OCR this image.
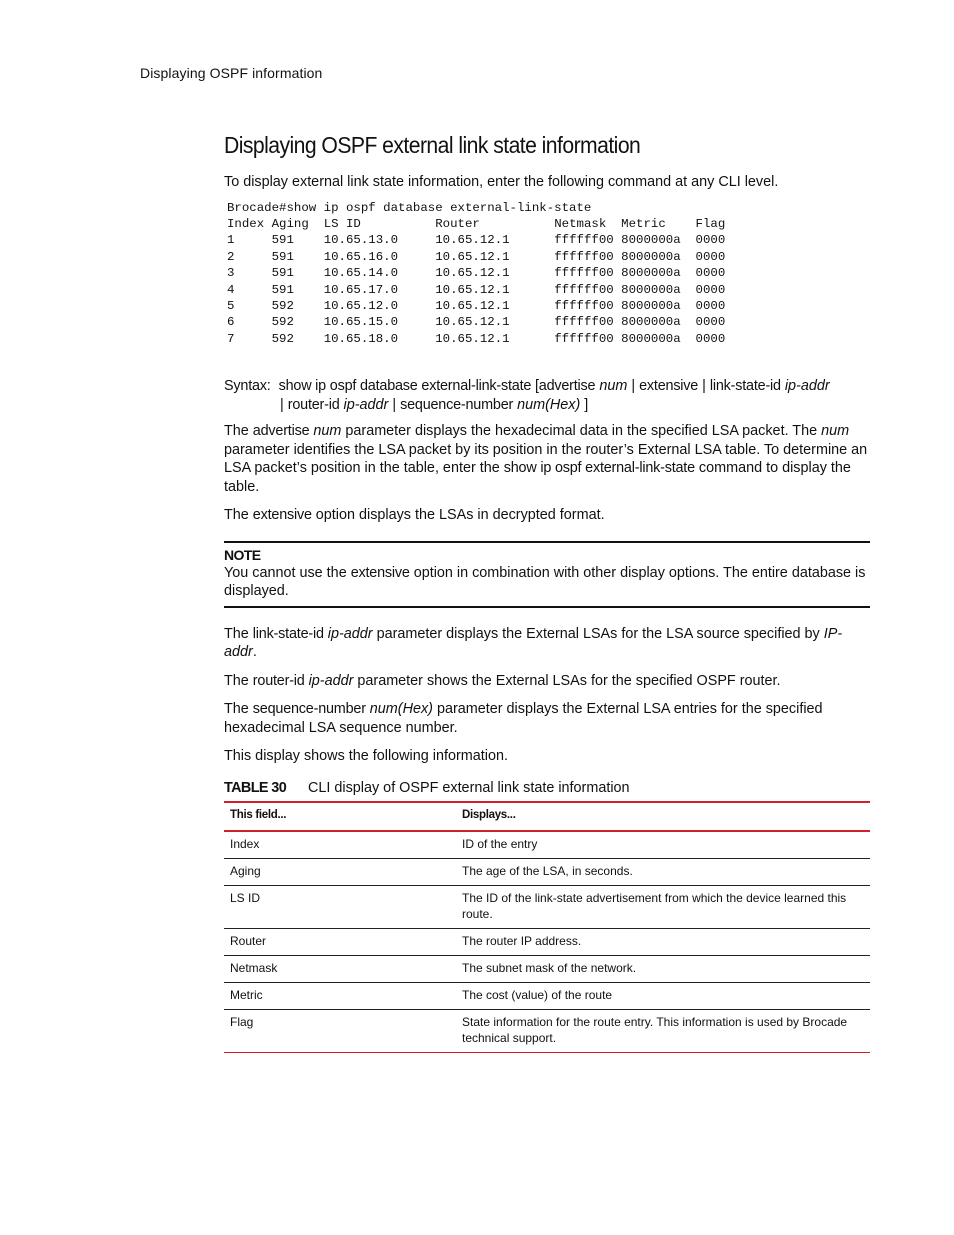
Displaying OSPF information
Displaying OSPF external link state information

To display external link state information, enter the following command at any CLI level.

Brocade#show ip ospf database external-link-state
Index Aging LS ID	Router	Netmask Metric Flag
1	591 10.65.13.0	10.65.12.1	ffffff00 8000000a 0000
2	591 10.65.16.0	10.65.12.1	ffffff00 8000000a 0000
3	591 10.65.14.0	10.65.12.1	ffffff00 8000000a 0000
4	591 10.65.17.0	10.65.12.1	ffffff00 8000000a 0000
5	592 10.65.12.0	10.65.12.1	ffffff00 8000000a 0000
6	592 10.65.15.0	10.65.12.1	ffffff00 8000000a 0000
7	592 10.65.18.0	10.65.12.1	ffffff00 8000000a 0000
Syntax: show ip ospf database external-link-state [advertise num | extensive | link-state-id ip-addr
| router-id ip-addr | sequence-number num(Hex) ]

The advertise num parameter displays the hexadecimal data in the specified LSA packet. The num parameter identifies the LSA packet by its position in the router’s External LSA table. To determine an LSA packet’s position in the table, enter the show ip ospf external-link-state command to display the table.

The extensive option displays the LSAs in decrypted format.

NOTE

You cannot use the extensive option in combination with other display options. The entire database is displayed.

The link-state-id ip-addr parameter displays the External LSAs for the LSA source specified by IP-addr.

The router-id ip-addr parameter shows the External LSAs for the specified OSPF router.

The sequence-number num(Hex) parameter displays the External LSA entries for the specified hexadecimal LSA sequence number.

This display shows the following information.

TABLE 30 CLI display of OSPF external link state information
This field...	Displays...
Index	ID of the entry
Aging	The age of the LSA, in seconds.
LS ID	The ID of the link-state advertisement from which the device learned this route.
Router	The router IP address.
Netmask	The subnet mask of the network.
Metric	The cost (value) of the route
Flag	State information for the route entry. This information is used by Brocade technical support.
